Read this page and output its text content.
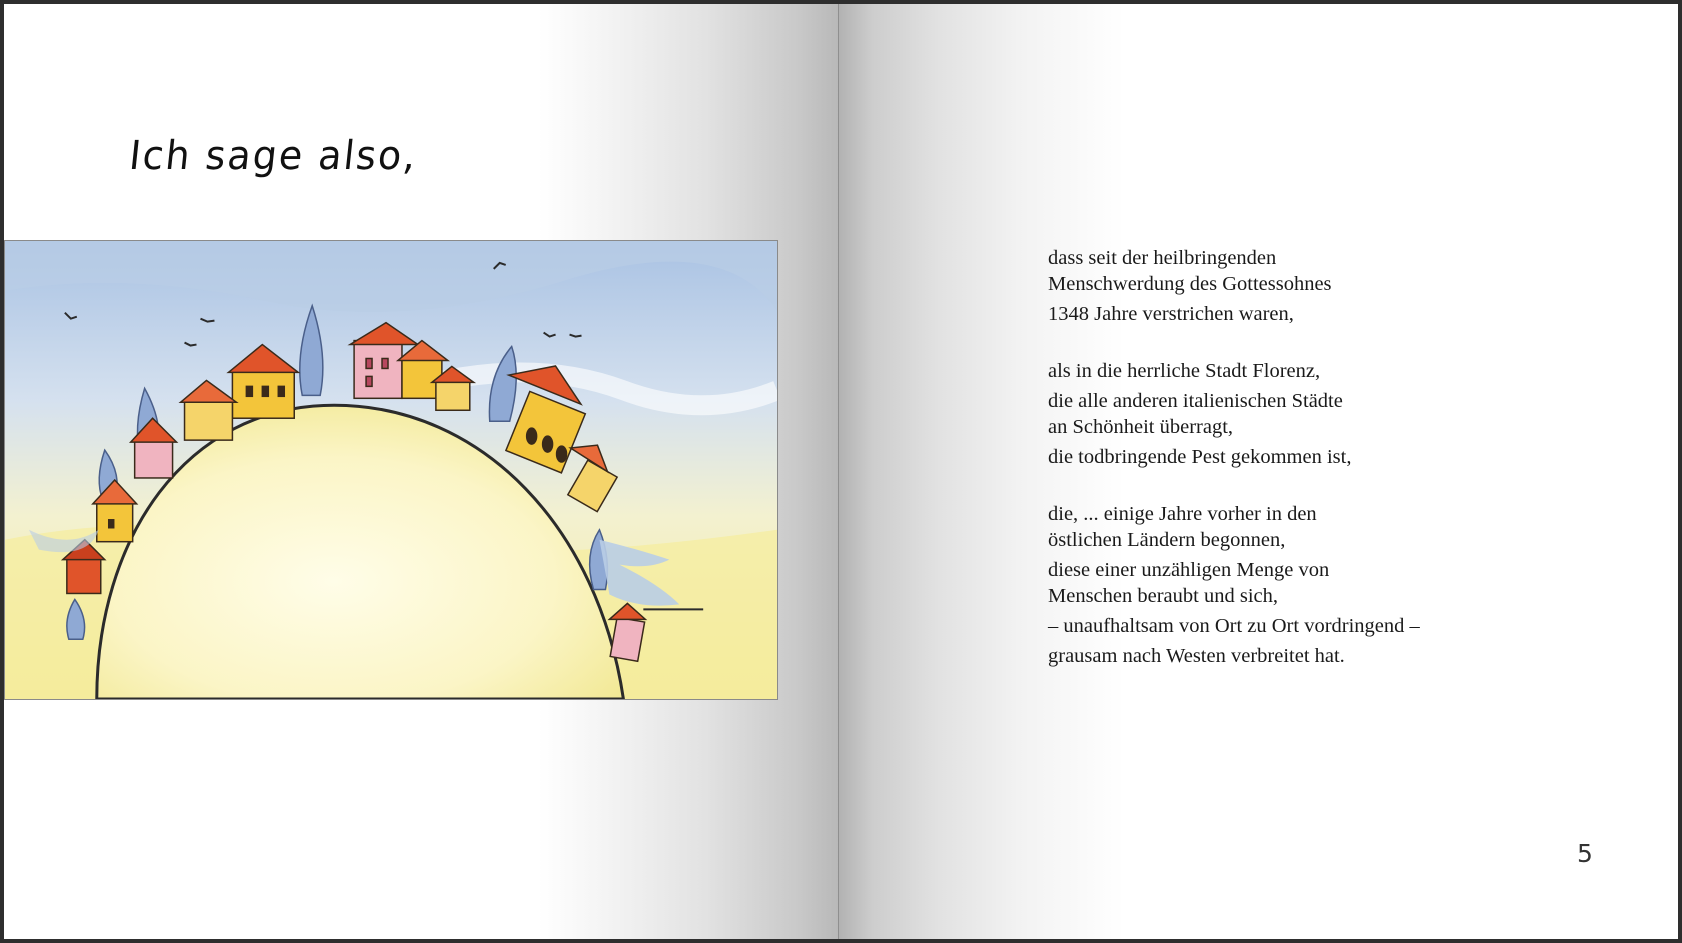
Ich sage also,
dass seit der heilbringenden
Menschwerdung des Gottessohnes
1348 Jahre verstrichen waren,
als in die herrliche Stadt Florenz,
die alle anderen italienischen Städte
an Schönheit überragt,
die todbringende Pest gekommen ist,
die, ... einige Jahre vorher in den
östlichen Ländern begonnen,
diese einer unzähligen Menge von
Menschen beraubt und sich,
– unaufhaltsam von Ort zu Ort vordringend –
grausam nach Westen verbreitet hat.
5
